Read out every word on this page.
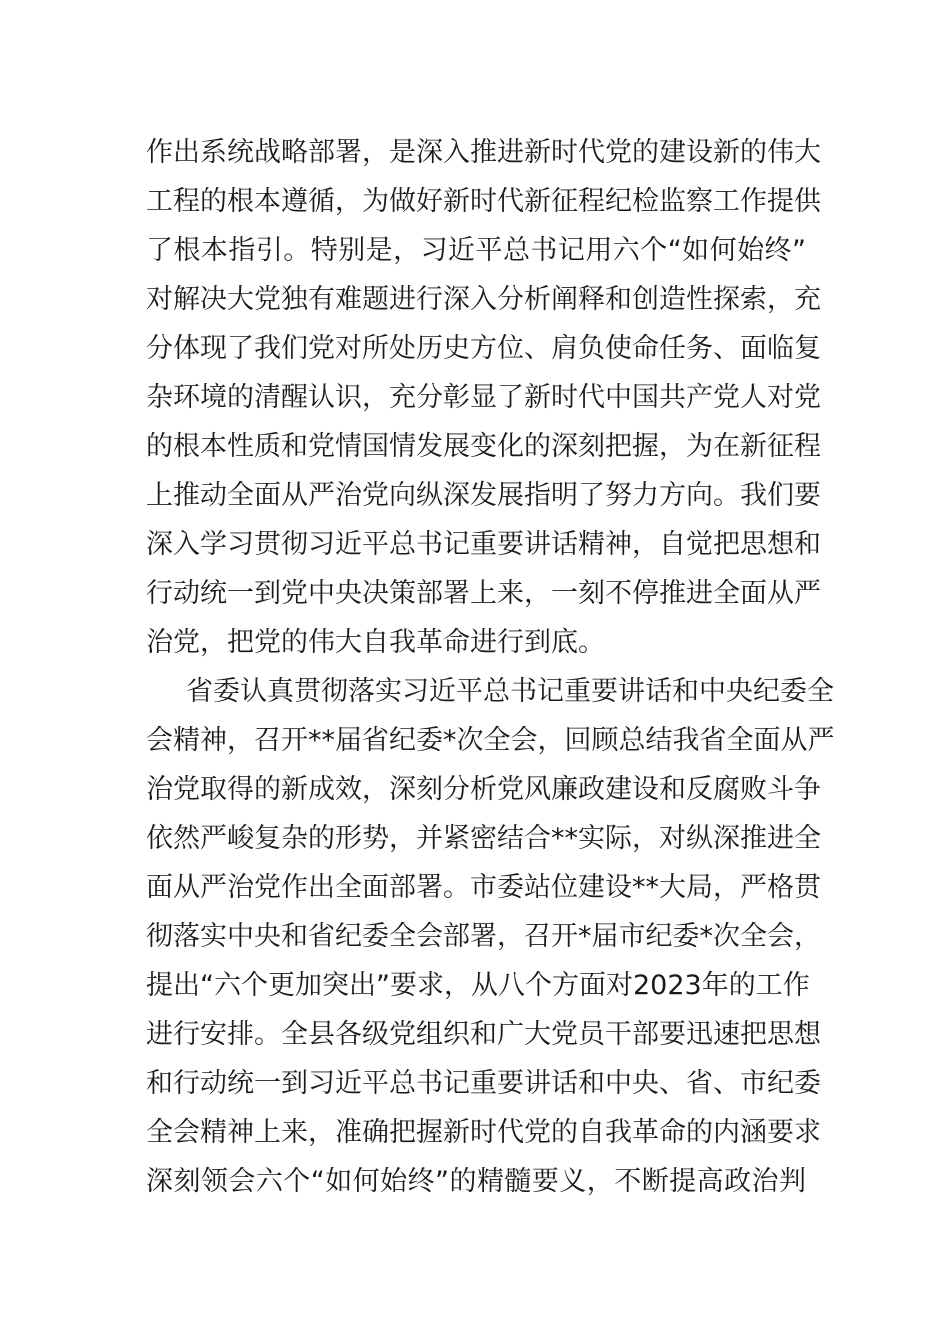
作出系统战略部署，是深入推进新时代党的建设新的伟大
工程的根本遵循，为做好新时代新征程纪检监察工作提供
了根本指引。特别是，习近平总书记用六个“如何始终”
对解决大党独有难题进行深入分析阐释和创造性探索，充
分体现了我们党对所处历史方位、肩负使命任务、面临复
杂环境的清醒认识，充分彰显了新时代中国共产党人对党
的根本性质和党情国情发展变化的深刻把握，为在新征程
上推动全面从严治党向纵深发展指明了努力方向。我们要
深入学习贯彻习近平总书记重要讲话精神，自觉把思想和
行动统一到党中央决策部署上来，一刻不停推进全面从严
治党，把党的伟大自我革命进行到底。
省委认真贯彻落实习近平总书记重要讲话和中央纪委全
会精神，召开**届省纪委*次全会，回顾总结我省全面从严
治党取得的新成效，深刻分析党风廉政建设和反腐败斗争
依然严峻复杂的形势，并紧密结合**实际，对纵深推进全
面从严治党作出全面部署。市委站位建设**大局，严格贯
彻落实中央和省纪委全会部署，召开*届市纪委*次全会，
提出“六个更加突出”要求，从八个方面对2023年的工作
进行安排。全县各级党组织和广大党员干部要迅速把思想
和行动统一到习近平总书记重要讲话和中央、省、市纪委
全会精神上来，准确把握新时代党的自我革命的内涵要求
深刻领会六个“如何始终”的精髓要义，不断提高政治判
